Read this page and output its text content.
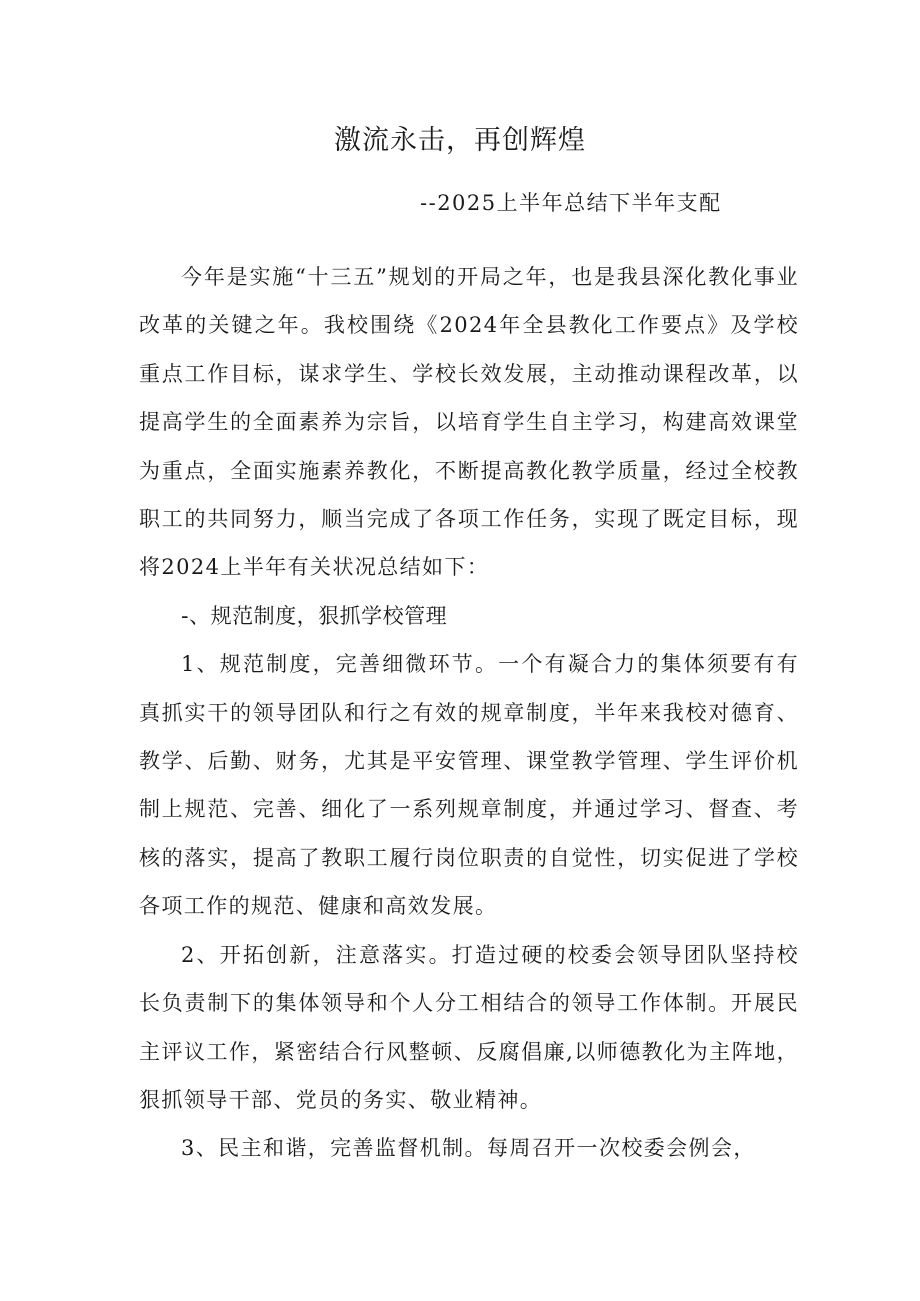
激流永击，再创辉煌

--2025上半年总结下半年支配

今年是实施“十三五”规划的开局之年，也是我县深化教化事业改革的关键之年。我校围绕《2024年全县教化工作要点》及学校重点工作目标，谋求学生、学校长效发展，主动推动课程改革，以提高学生的全面素养为宗旨，以培育学生自主学习，构建高效课堂为重点，全面实施素养教化，不断提高教化教学质量，经过全校教职工的共同努力，顺当完成了各项工作任务，实现了既定目标，现将2024上半年有关状况总结如下：

-、规范制度，狠抓学校管理

1、规范制度，完善细微环节。一个有凝合力的集体须要有有真抓实干的领导团队和行之有效的规章制度，半年来我校对德育、教学、后勤、财务，尤其是平安管理、课堂教学管理、学生评价机制上规范、完善、细化了一系列规章制度，并通过学习、督查、考核的落实，提高了教职工履行岗位职责的自觉性，切实促进了学校各项工作的规范、健康和高效发展。

2、开拓创新，注意落实。打造过硬的校委会领导团队坚持校长负责制下的集体领导和个人分工相结合的领导工作体制。开展民主评议工作，紧密结合行风整顿、反腐倡廉,以师德教化为主阵地，狠抓领导干部、党员的务实、敬业精神。

3、民主和谐，完善监督机制。每周召开一次校委会例会，
